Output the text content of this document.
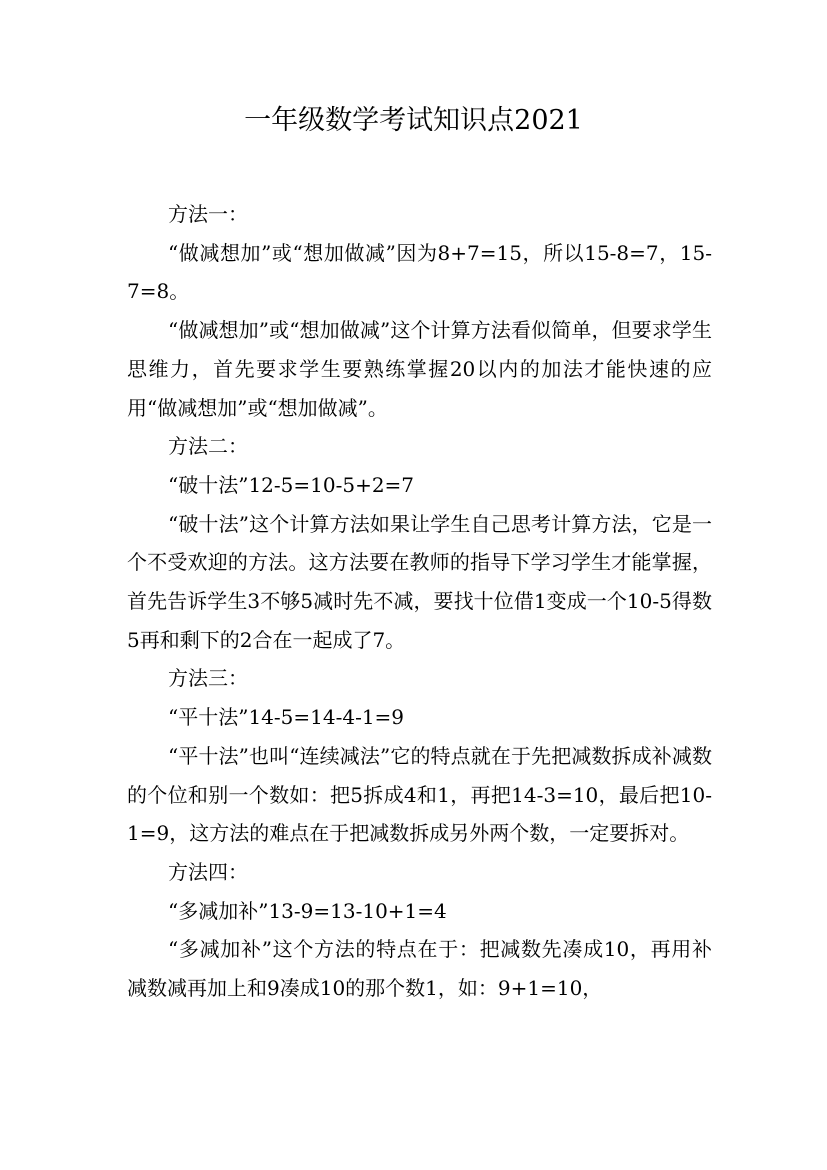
一年级数学考试知识点2021

方法一：

“做减想加”或“想加做减”因为8+7=15，所以15-8=7，15-7=8。

“做减想加”或“想加做减”这个计算方法看似简单，但要求学生思维力，首先要求学生要熟练掌握20以内的加法才能快速的应用“做减想加”或“想加做减”。

方法二：

“破十法”12-5=10-5+2=7

“破十法”这个计算方法如果让学生自己思考计算方法，它是一个不受欢迎的方法。这方法要在教师的指导下学习学生才能掌握，首先告诉学生3不够5减时先不减，要找十位借1变成一个10-5得数5再和剩下的2合在一起成了7。

方法三：

“平十法”14-5=14-4-1=9

“平十法”也叫“连续减法”它的特点就在于先把减数拆成补减数的个位和别一个数如：把5拆成4和1，再把14-3=10，最后把10-1=9，这方法的难点在于把减数拆成另外两个数，一定要拆对。

方法四：

“多减加补”13-9=13-10+1=4

“多减加补”这个方法的特点在于：把减数先凑成10，再用补减数减再加上和9凑成10的那个数1，如：9+1=10，
